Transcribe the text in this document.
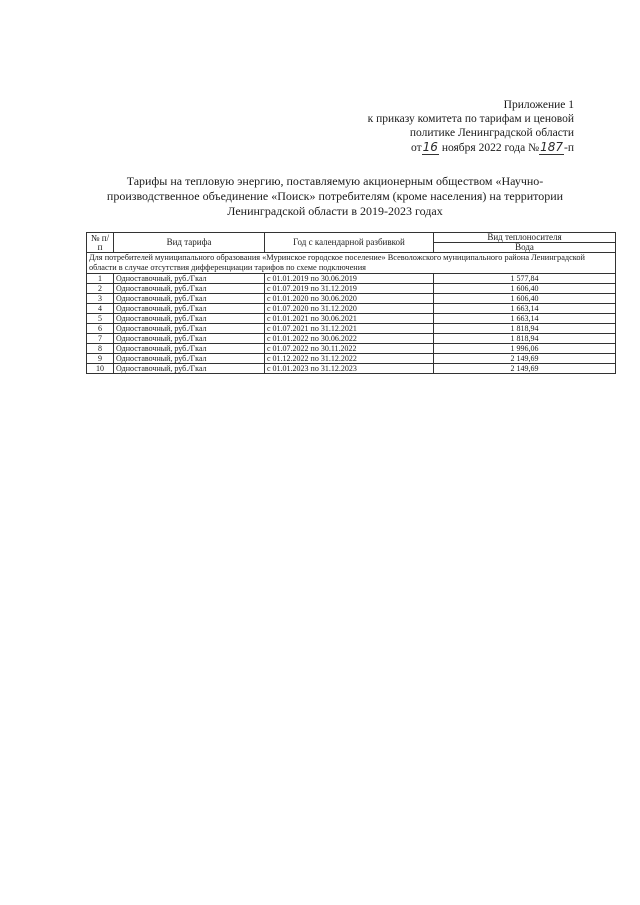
Приложение 1
к приказу комитета по тарифам и ценовой
политике Ленинградской области
от16 ноября 2022 года №187-п
Тарифы на тепловую энергию, поставляемую акционерным обществом «Научно-производственное объединение «Поиск» потребителям (кроме населения) на территории Ленинградской области в 2019-2023 годах
№ п/п	Вид тарифа	Год с календарной разбивкой	Вид теплоносителя
			Вода
Для потребителей муниципального образования «Муринское городское поселение» Всеволожского муниципального района Ленинградской области в случае отсутствия дифференциации тарифов по схеме подключения			
1	Одноставочный, руб./Гкал	с 01.01.2019 по 30.06.2019	1 577,84
2	Одноставочный, руб./Гкал	с 01.07.2019 по 31.12.2019	1 606,40
3	Одноставочный, руб./Гкал	с 01.01.2020 по 30.06.2020	1 606,40
4	Одноставочный, руб./Гкал	с 01.07.2020 по 31.12.2020	1 663,14
5	Одноставочный, руб./Гкал	с 01.01.2021 по 30.06.2021	1 663,14
6	Одноставочный, руб./Гкал	с 01.07.2021 по 31.12.2021	1 818,94
7	Одноставочный, руб./Гкал	с 01.01.2022 по 30.06.2022	1 818,94
8	Одноставочный, руб./Гкал	с 01.07.2022 по 30.11.2022	1 996,06
9	Одноставочный, руб./Гкал	с 01.12.2022 по 31.12.2022	2 149,69
10	Одноставочный, руб./Гкал	с 01.01.2023 по 31.12.2023	2 149,69
